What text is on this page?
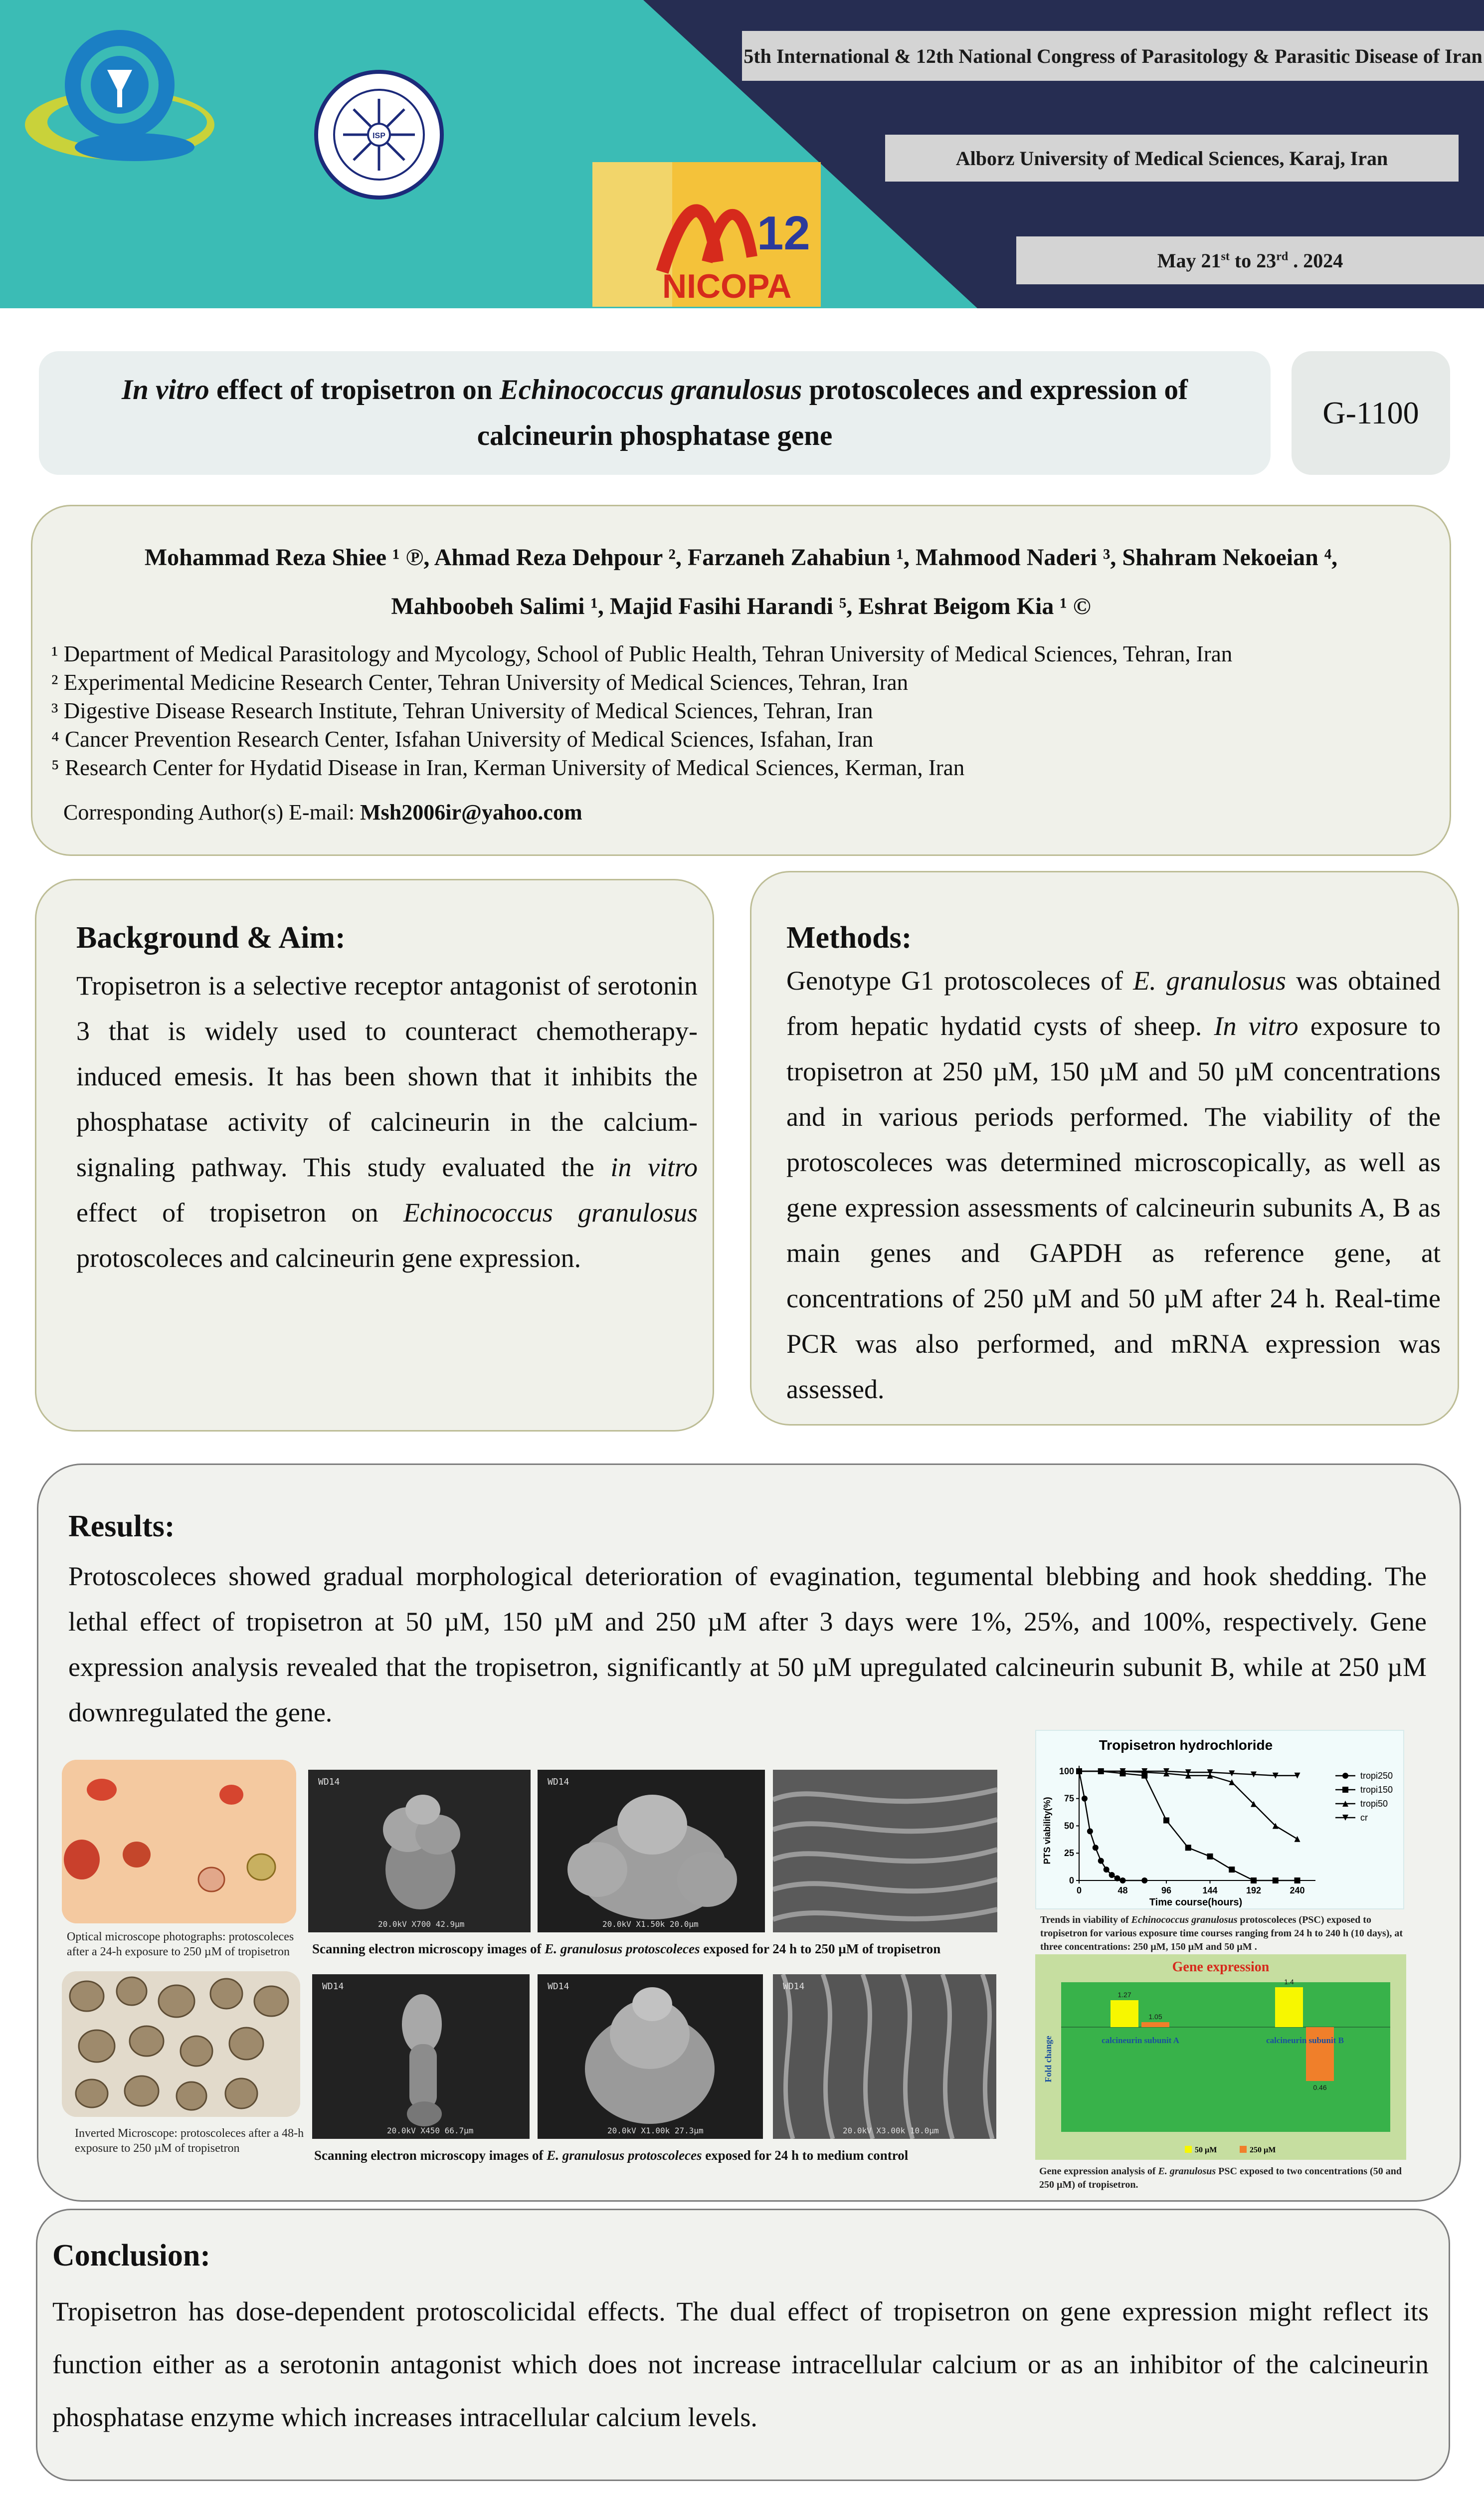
ISP
12
NICOPA
5th International & 12th National Congress of Parasitology & Parasitic Disease of Iran
Alborz University of Medical Sciences, Karaj, Iran
May 21st to 23rd . 2024
In vitro effect of tropisetron on Echinococcus granulosus protoscoleces and expression of calcineurin phosphatase gene
G-1100
Mohammad Reza Shiee ¹ ℗, Ahmad Reza Dehpour ², Farzaneh Zahabiun ¹, Mahmood Naderi ³, Shahram Nekoeian ⁴,
Mahboobeh Salimi ¹, Majid Fasihi Harandi ⁵, Eshrat Beigom Kia ¹ ©
¹ Department of Medical Parasitology and Mycology, School of Public Health, Tehran University of Medical Sciences, Tehran, Iran
² Experimental Medicine Research Center, Tehran University of Medical Sciences, Tehran, Iran
³ Digestive Disease Research Institute, Tehran University of Medical Sciences, Tehran, Iran
⁴ Cancer Prevention Research Center, Isfahan University of Medical Sciences, Isfahan, Iran
⁵ Research Center for Hydatid Disease in Iran, Kerman University of Medical Sciences, Kerman, Iran
Corresponding Author(s) E-mail: Msh2006ir@yahoo.com
Background & Aim:
Tropisetron is a selective receptor antagonist of serotonin 3 that is widely used to counteract chemotherapy-induced emesis. It has been shown that it inhibits the phosphatase activity of calcineurin in the calcium-signaling pathway. This study evaluated the in vitro effect of tropisetron on Echinococcus granulosus protoscoleces and calcineurin gene expression.
Methods:
Genotype G1 protoscoleces of E. granulosus was obtained from hepatic hydatid cysts of sheep. In vitro exposure to tropisetron at 250 µM, 150 µM and 50 µM concentrations and in various periods performed. The viability of the protoscoleces was determined microscopically, as well as gene expression assessments of calcineurin subunits A, B as main genes and GAPDH as reference gene, at concentrations of 250 µM and 50 µM after 24 h. Real-time PCR was also performed, and mRNA expression was assessed.
Results:
Protoscoleces showed gradual morphological deterioration of evagination, tegumental blebbing and hook shedding. The lethal effect of tropisetron at 50 µM, 150 µM and 250 µM after 3 days were 1%, 25%, and 100%, respectively. Gene expression analysis revealed that the tropisetron, significantly at 50 µM upregulated calcineurin subunit B, while at 250 µM downregulated the gene.
Optical microscope photographs: protoscoleces after a 24-h exposure to 250 µM of tropisetron
Inverted Microscope: protoscoleces after a 48-h exposure to 250 µM of tropisetron
WD14
20.0kV X700 42.9µm
WD14
20.0kV X1.50k 20.0µm
Scanning electron microscopy images of E. granulosus protoscoleces exposed for 24 h to 250 µM of tropisetron
WD14
20.0kV X450 66.7µm
WD14
20.0kV X1.00k 27.3µm
WD14
20.0kV X3.00k 10.0µm
Scanning electron microscopy images of E. granulosus protoscoleces exposed for 24 h to medium control
Tropisetron hydrochloride
PTS viability(%)
Time course(hours)
0	48	96	144	192	240
0
25
50
75
100	tropi250
tropi150
tropi50
cr
Trends in viability of Echinococcus granulosus protoscoleces (PSC) exposed to tropisetron for various exposure time courses ranging from 24 h to 240 h (10 days), at three concentrations: 250 µM, 150 µM and 50 µM .
Gene expression
Fold change
1.27
1.05
calcineurin subunit A
1.4
0.46
calcineurin subunit B
50 µM	250 µM
Gene expression analysis of E. granulosus PSC exposed to two concentrations (50 and 250 µM) of tropisetron.
Conclusion:
Tropisetron has dose-dependent protoscolicidal effects. The dual effect of tropisetron on gene expression might reflect its function either as a serotonin antagonist which does not increase intracellular calcium or as an inhibitor of the calcineurin phosphatase enzyme which increases intracellular calcium levels.
